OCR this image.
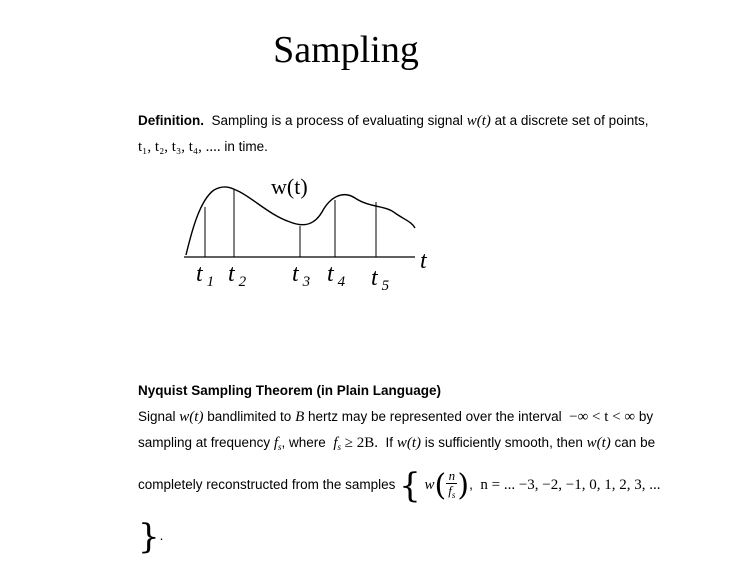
Sampling
Definition. Sampling is a process of evaluating signal w(t) at a discrete set of points,
t₁, t₂, t₃, t₄, .... in time.
w(t)
t
t $_1$ t $_2$ t $_3$ t $_4$ t $_5$
Nyquist Sampling Theorem (in Plain Language)
Signal w(t) bandlimited to B hertz may be represented over the interval −∞ < t < ∞ by
sampling at frequency $f_s$, where $f_s \ge 2B$. If w(t) is sufficiently smooth, then w(t) can be
completely reconstructed from the samples { $w( \frac{n}{f_s}$ ),  n = ... −3, −2, −1, 0, 1, 2, 3, ... }.
